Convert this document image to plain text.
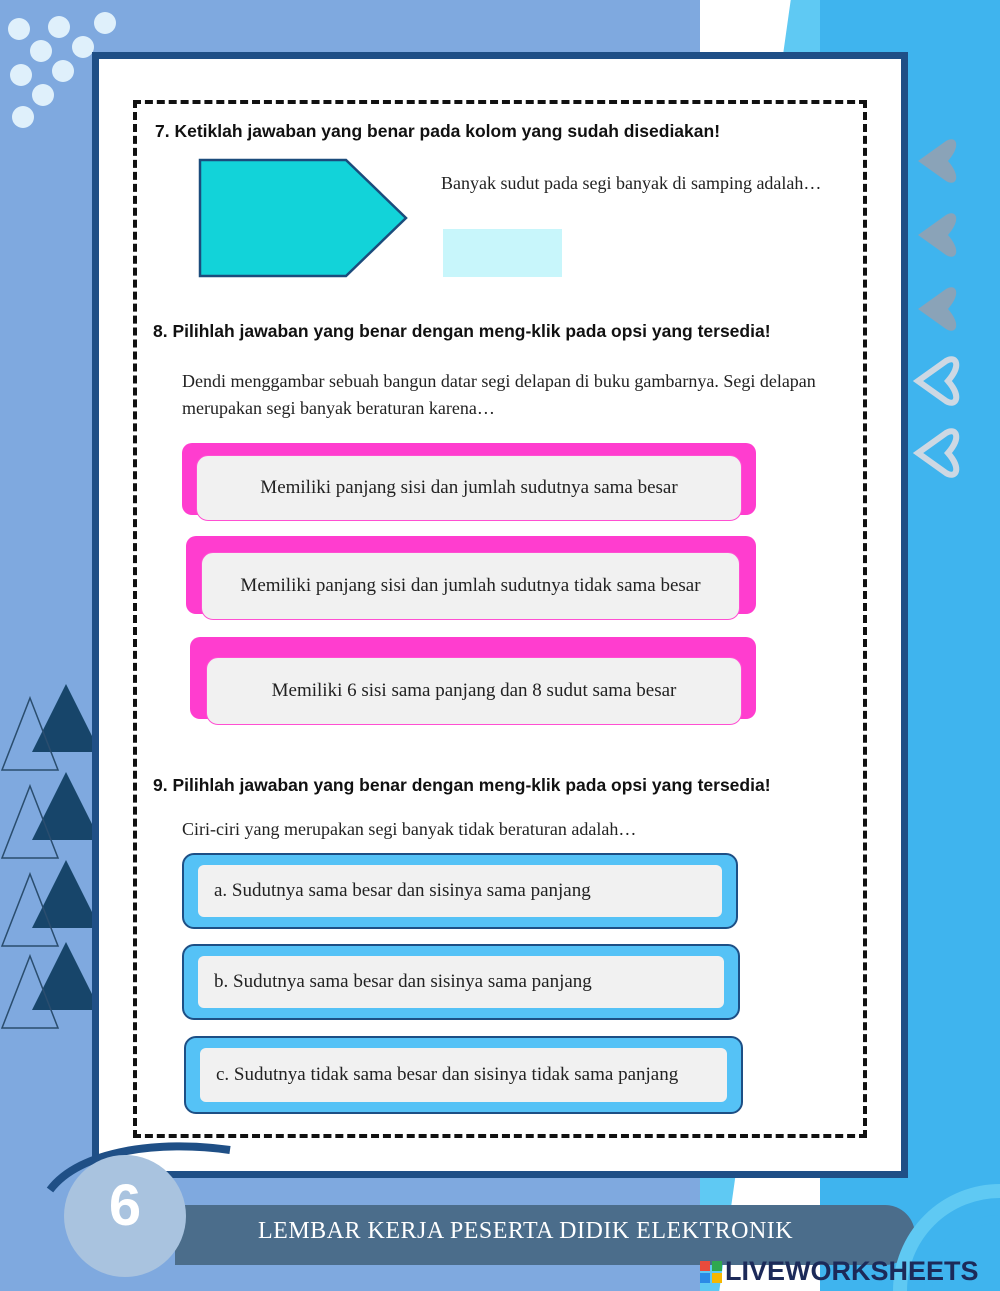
7. Ketiklah jawaban yang benar pada kolom yang sudah disediakan!
Banyak sudut pada segi banyak di samping adalah…
8. Pilihlah jawaban yang benar dengan meng-klik pada opsi yang tersedia!
Dendi menggambar sebuah bangun datar segi delapan di buku gambarnya. Segi delapan merupakan segi banyak beraturan karena…
Memiliki panjang sisi dan jumlah sudutnya sama besar
Memiliki panjang sisi dan jumlah sudutnya tidak sama besar
Memiliki 6 sisi sama panjang dan 8 sudut sama besar
9. Pilihlah jawaban yang benar dengan meng-klik pada opsi yang tersedia!
Ciri-ciri yang merupakan segi banyak tidak beraturan adalah…
a. Sudutnya sama besar dan sisinya sama panjang
b. Sudutnya sama besar dan sisinya sama panjang
c. Sudutnya tidak sama besar dan sisinya tidak sama panjang
6	LEMBAR KERJA PESERTA DIDIK ELEKTRONIK
LIVEWORKSHEETS
